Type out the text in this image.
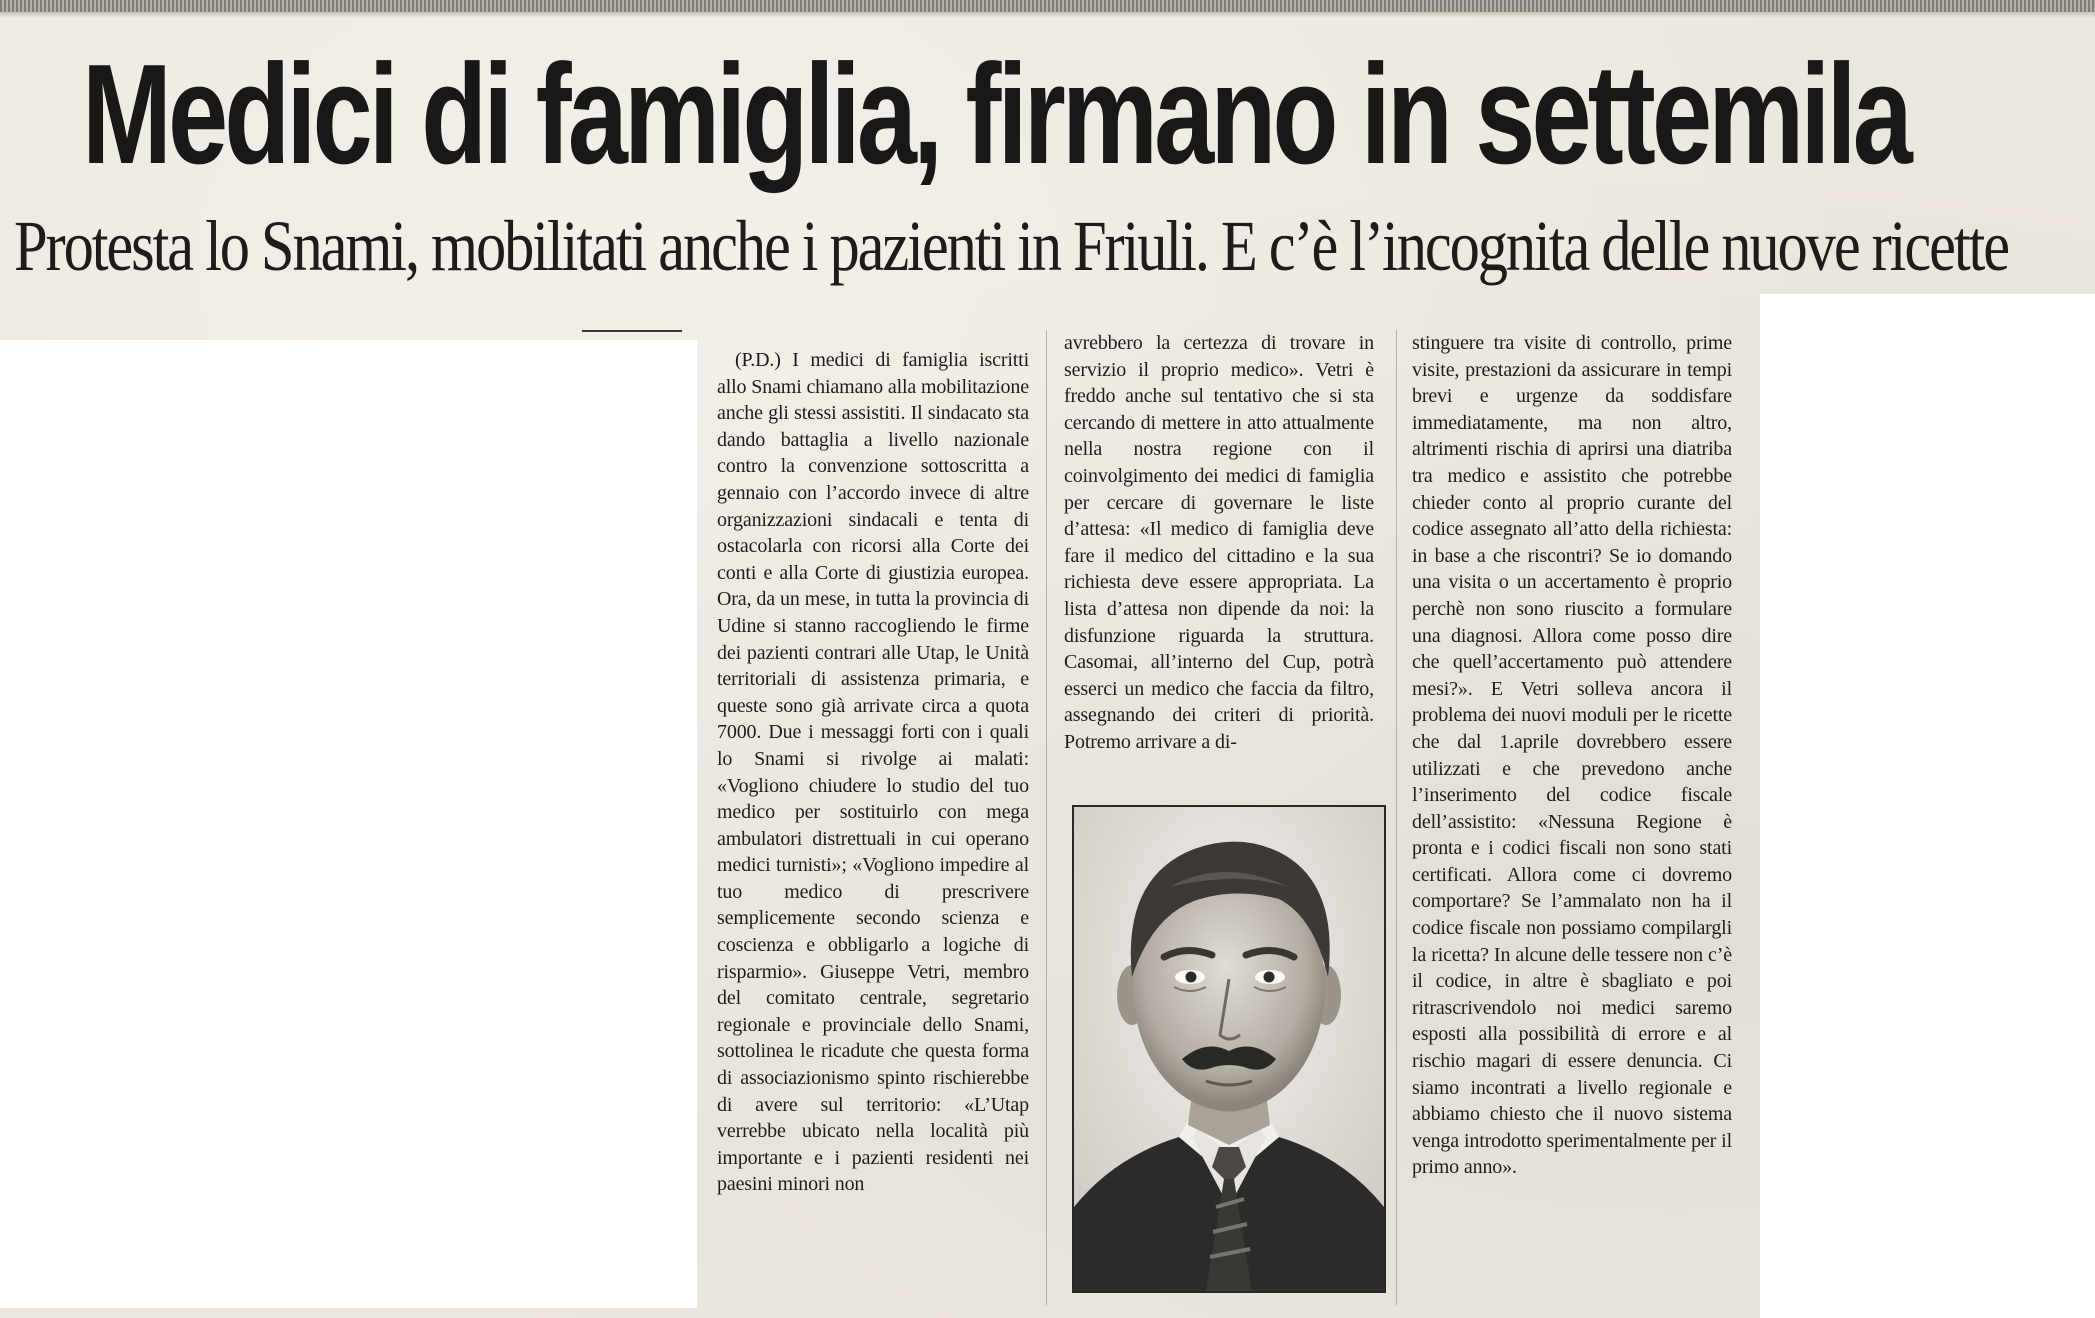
Medici di famiglia, firmano in settemila
Protesta lo Snami, mobilitati anche i pazienti in Friuli. E c’è l’incognita delle nuove ricette

(P.D.) I medici di famiglia iscritti allo Snami chiamano alla mobilitazione anche gli stessi assistiti. Il sindacato sta dando battaglia a livello nazionale contro la convenzione sottoscritta a gennaio con l’accordo invece di altre organizzazioni sindacali e tenta di ostacolarla con ricorsi alla Corte dei conti e alla Corte di giustizia europea. Ora, da un mese, in tutta la provincia di Udine si stanno raccogliendo le firme dei pazienti contrari alle Utap, le Unità territoriali di assistenza primaria, e queste sono già arrivate circa a quota 7000. Due i messaggi forti con i quali lo Snami si rivolge ai malati: «Vogliono chiudere lo studio del tuo medico per sostituirlo con mega ambulatori distrettuali in cui operano medici turnisti»; «Vogliono impedire al tuo medico di prescrivere semplicemente secondo scienza e coscienza e obbligarlo a logiche di risparmio». Giuseppe Vetri, membro del comitato centrale, segretario regionale e provinciale dello Snami, sottolinea le ricadute che questa forma di associazionismo spinto rischierebbe di avere sul territorio: «L’Utap verrebbe ubicato nella località più importante e i pazienti residenti nei paesini minori non

avrebbero la certezza di trovare in servizio il proprio medico». Vetri è freddo anche sul tentativo che si sta cercando di mettere in atto attualmente nella nostra regione con il coinvolgimento dei medici di famiglia per cercare di governare le liste d’attesa: «Il medico di famiglia deve fare il medico del cittadino e la sua richiesta deve essere appropriata. La lista d’attesa non dipende da noi: la disfunzione riguarda la struttura. Casomai, all’interno del Cup, potrà esserci un medico che faccia da filtro, assegnando dei criteri di priorità. Potremo arrivare a di-

stinguere tra visite di controllo, prime visite, prestazioni da assicurare in tempi brevi e urgenze da soddisfare immediatamente, ma non altro, altrimenti rischia di aprirsi una diatriba tra medico e assistito che potrebbe chieder conto al proprio curante del codice assegnato all’atto della richiesta: in base a che riscontri? Se io domando una visita o un accertamento è proprio perchè non sono riuscito a formulare una diagnosi. Allora come posso dire che quell’accertamento può attendere mesi?». E Vetri solleva ancora il problema dei nuovi moduli per le ricette che dal 1.aprile dovrebbero essere utilizzati e che prevedono anche l’inserimento del codice fiscale dell’assistito: «Nessuna Regione è pronta e i codici fiscali non sono stati certificati. Allora come ci dovremo comportare? Se l’ammalato non ha il codice fiscale non possiamo compilargli la ricetta? In alcune delle tessere non c’è il codice, in altre è sbagliato e poi ritrascrivendolo noi medici saremo esposti alla possibilità di errore e al rischio magari di essere denuncia. Ci siamo incontrati a livello regionale e abbiamo chiesto che il nuovo sistema venga introdotto sperimentalmente per il primo anno».
